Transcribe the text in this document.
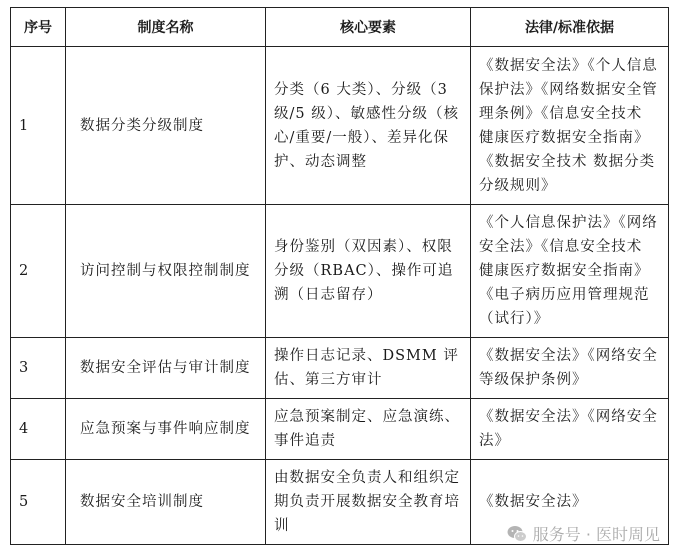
序号	制度名称	核心要素	法律/标准依据
1	数据分类分级制度	分类（6 大类）、分级（3 级/5 级）、敏感性分级（核心/重要/一般）、差异化保护、动态调整	《数据安全法》《个人信息保护法》《网络数据安全管理条例》《信息安全技术 健康医疗数据安全指南》《数据安全技术 数据分类分级规则》
2	访问控制与权限控制制度	身份鉴别（双因素）、权限分级（RBAC）、操作可追溯（日志留存）	《个人信息保护法》《网络安全法》《信息安全技术 健康医疗数据安全指南》《电子病历应用管理规范（试行）》
3	数据安全评估与审计制度	操作日志记录、DSMM 评估、第三方审计	《数据安全法》《网络安全等级保护条例》
4	应急预案与事件响应制度	应急预案制定、应急演练、事件追责	《数据安全法》《网络安全法》
5	数据安全培训制度	由数据安全负责人和组织定期负责开展数据安全教育培训	《数据安全法》
服务号 · 医时周见
